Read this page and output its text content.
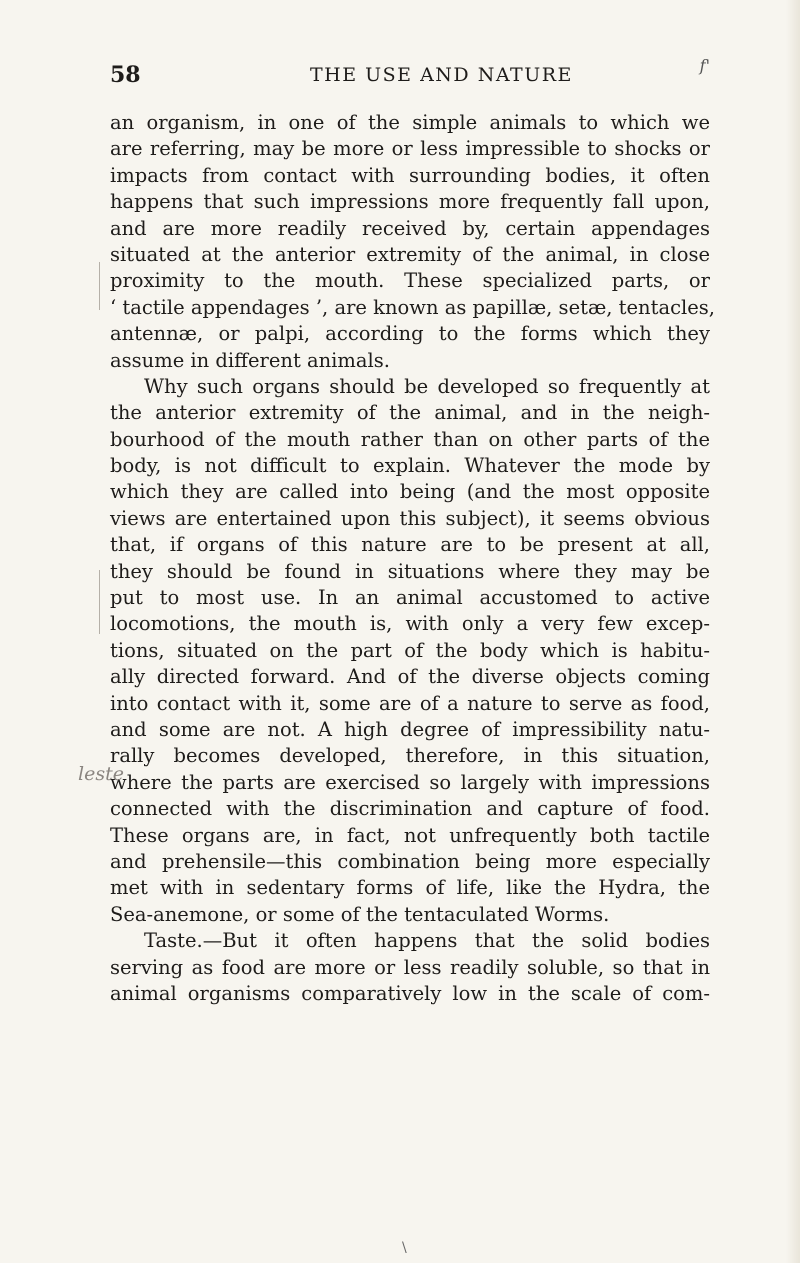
58	THE USE AND NATURE	f'
an organism, in one of the simple animals to which we
are referring, may be more or less impressible to shocks or
impacts from contact with surrounding bodies, it often
happens that such impressions more frequently fall upon,
and are more readily received by, certain appendages
situated at the anterior extremity of the animal, in close
proximity to the mouth. These specialized parts, or
‘ tactile appendages ’, are known as papillæ, setæ, tentacles,
antennæ, or palpi, according to the forms which they
assume in different animals.
Why such organs should be developed so frequently at
the anterior extremity of the animal, and in the neigh-
bourhood of the mouth rather than on other parts of the
body, is not difficult to explain. Whatever the mode by
which they are called into being (and the most opposite
views are entertained upon this subject), it seems obvious
that, if organs of this nature are to be present at all,
they should be found in situations where they may be
put to most use. In an animal accustomed to active
locomotions, the mouth is, with only a very few excep-
tions, situated on the part of the body which is habitu-
ally directed forward. And of the diverse objects coming
into contact with it, some are of a nature to serve as food,
and some are not. A high degree of impressibility natu-
rally becomes developed, therefore, in this situation,
where the parts are exercised so largely with impressions
connected with the discrimination and capture of food.
These organs are, in fact, not unfrequently both tactile
and prehensile—this combination being more especially
met with in sedentary forms of life, like the Hydra, the
Sea-anemone, or some of the tentaculated Worms.
Taste.—But it often happens that the solid bodies
serving as food are more or less readily soluble, so that in
animal organisms comparatively low in the scale of com-
leste
\
